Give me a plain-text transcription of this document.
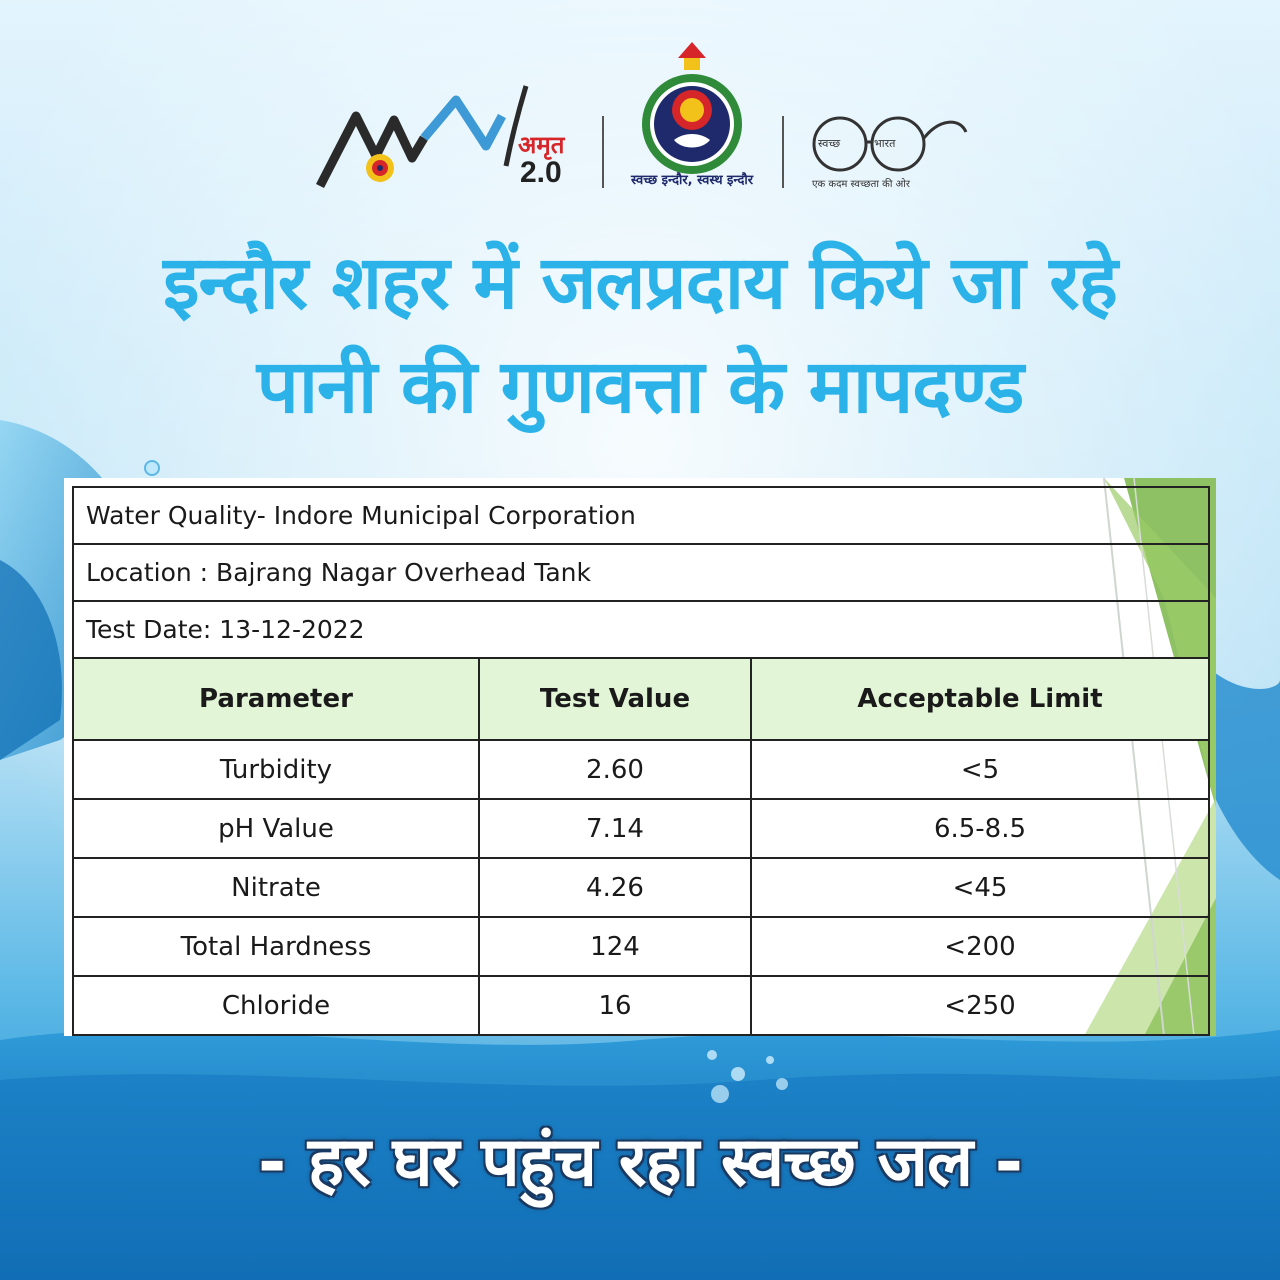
अमृत
2.0	स्वच्छ इन्दौर, स्वस्थ इन्दौर
स्वच्छ	भारत
एक कदम स्वच्छता की ओर
इन्दौर शहर में जलप्रदाय किये जा रहे
पानी की गुणवत्ता के मापदण्ड
Water Quality- Indore Municipal Corporation		
Location : Bajrang Nagar Overhead Tank		
Test Date: 13-12-2022		
Parameter	Test Value	Acceptable Limit
Turbidity	2.60	<5
pH Value	7.14	6.5-8.5
Nitrate	4.26	<45
Total Hardness	124	<200
Chloride	16	<250
- हर घर पहुंच रहा स्वच्छ जल -
